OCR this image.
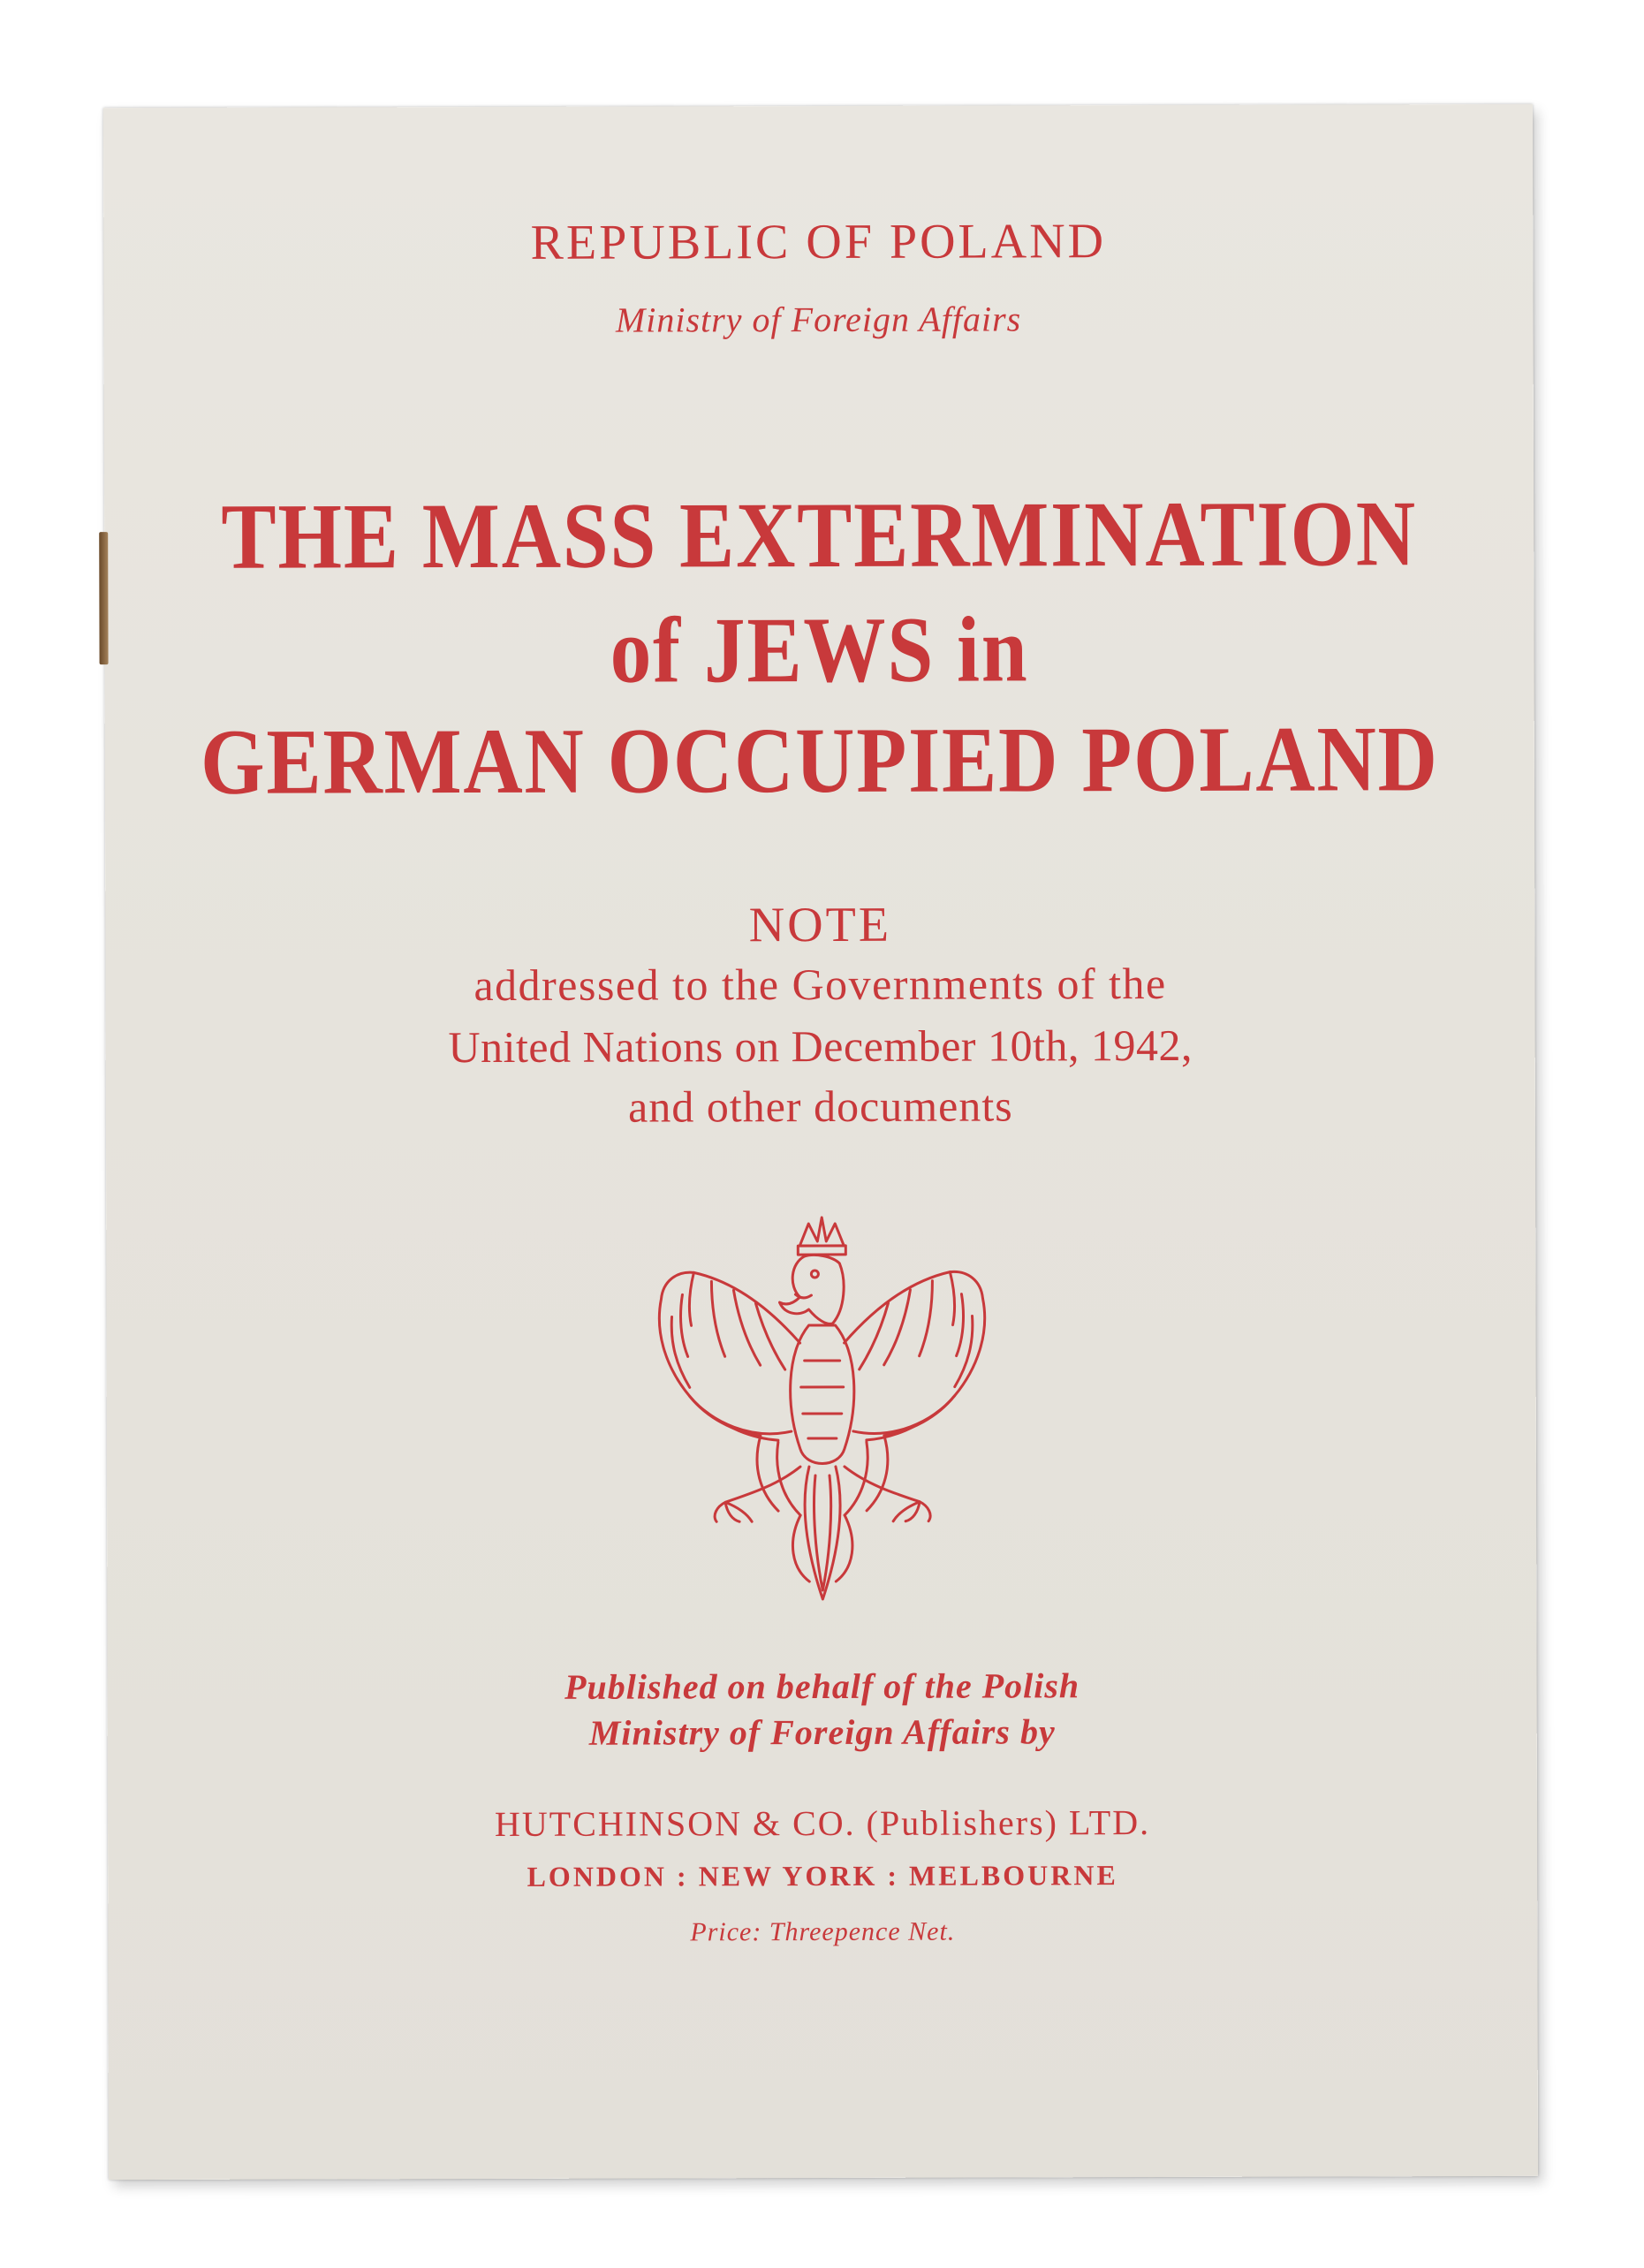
REPUBLIC OF POLAND
Ministry of Foreign Affairs
THE MASS EXTERMINATION
of JEWS in
GERMAN OCCUPIED POLAND
NOTE
addressed to the Governments of the
United Nations on December 10th, 1942,
and other documents
Published on behalf of the Polish
Ministry of Foreign Affairs by
HUTCHINSON & CO. (Publishers) LTD.
LONDON : NEW YORK : MELBOURNE
Price: Threepence Net.
